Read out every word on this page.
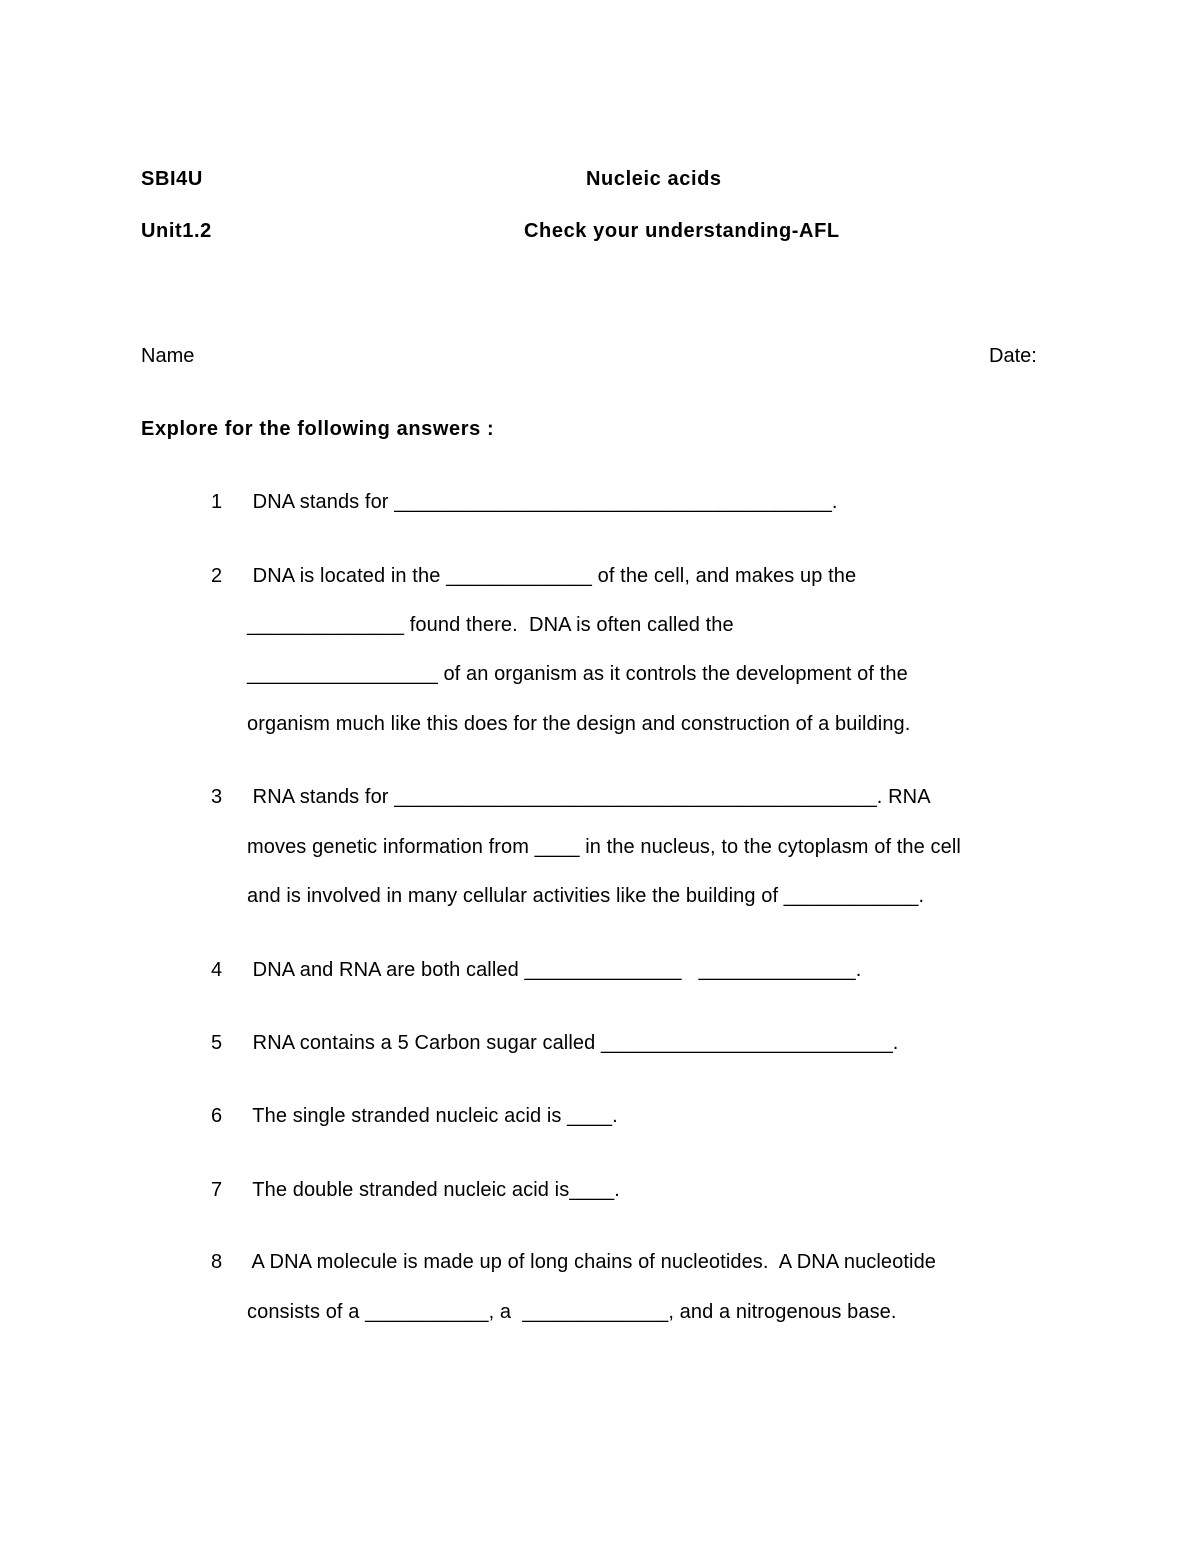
SBI4U	Nucleic acids
Unit1.2	Check your understanding-AFL
Name	Date:
Explore for the following answers :
1 DNA stands for _______________________________________.
2 DNA is located in the _____________ of the cell, and makes up the
______________ found there.  DNA is often called the
_________________ of an organism as it controls the development of the
organism much like this does for the design and construction of a building.
3 RNA stands for ___________________________________________. RNA
moves genetic information from ____ in the nucleus, to the cytoplasm of the cell
and is involved in many cellular activities like the building of ____________.
4 DNA and RNA are both called ______________   ______________.
5 RNA contains a 5 Carbon sugar called __________________________.
6 The single stranded nucleic acid is ____.
7 The double stranded nucleic acid is____.
8 A DNA molecule is made up of long chains of nucleotides.  A DNA nucleotide
consists of a ___________, a  _____________, and a nitrogenous base.
